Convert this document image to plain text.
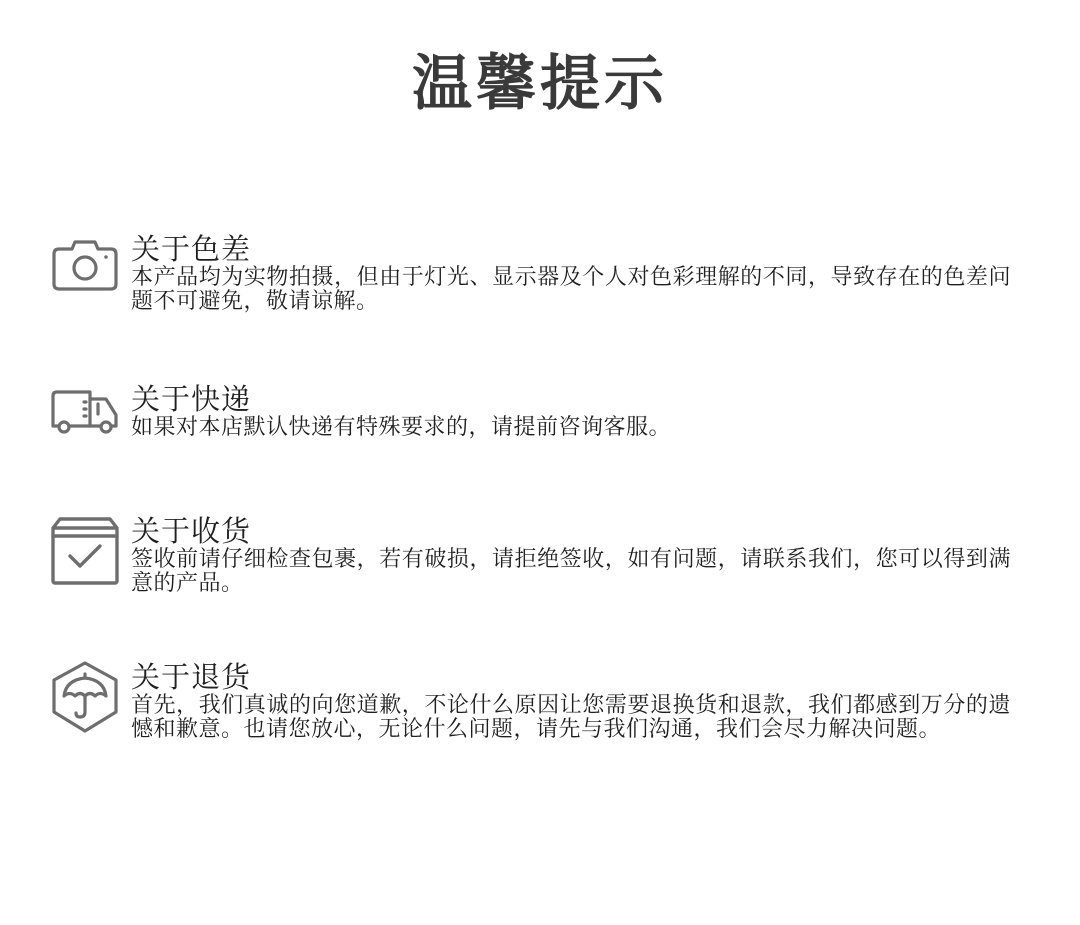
温馨提示

关于色差

本产品均为实物拍摄，但由于灯光、显示器及个人对色彩理解的不同，导致存在的色差问题不可避免，敬请谅解。

关于快递

如果对本店默认快递有特殊要求的，请提前咨询客服。

关于收货

签收前请仔细检查包裹，若有破损，请拒绝签收，如有问题，请联系我们，您可以得到满意的产品。

关于退货

首先，我们真诚的向您道歉，不论什么原因让您需要退换货和退款，我们都感到万分的遗憾和歉意。也请您放心，无论什么问题，请先与我们沟通，我们会尽力解决问题。
